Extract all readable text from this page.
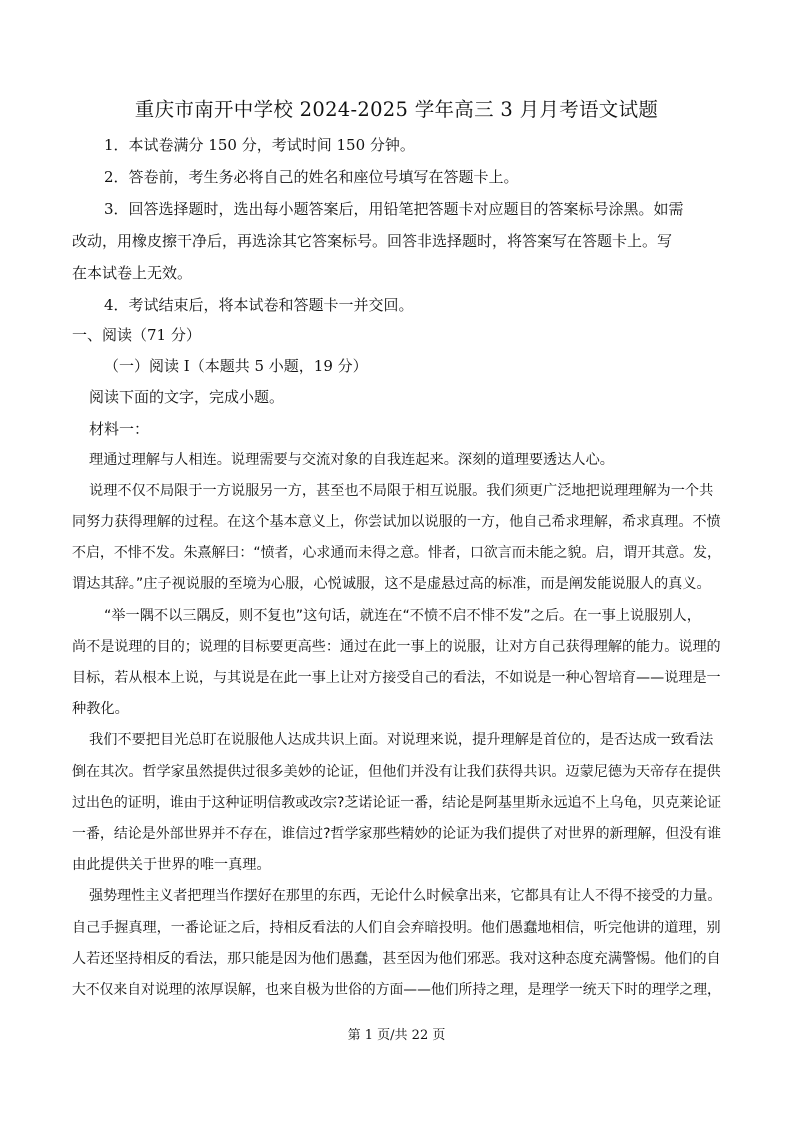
重庆市南开中学校 2024-2025 学年高三 3 月月考语文试题
1．本试卷满分 150 分，考试时间 150 分钟。
2．答卷前，考生务必将自己的姓名和座位号填写在答题卡上。
3．回答选择题时，选出每小题答案后，用铅笔把答题卡对应题目的答案标号涂黑。如需
改动，用橡皮擦干净后，再选涂其它答案标号。回答非选择题时，将答案写在答题卡上。写
在本试卷上无效。
4．考试结束后，将本试卷和答题卡一并交回。
一、阅读（71 分）
（一）阅读 I（本题共 5 小题，19 分）
阅读下面的文字，完成小题。
材料一：
理通过理解与人相连。说理需要与交流对象的自我连起来。深刻的道理要透达人心。
说理不仅不局限于一方说服另一方，甚至也不局限于相互说服。我们须更广泛地把说理理解为一个共
同努力获得理解的过程。在这个基本意义上，你尝试加以说服的一方，他自己希求理解，希求真理。不愤
不启，不悱不发。朱熹解曰：“愤者，心求通而未得之意。悱者，口欲言而未能之貌。启，谓开其意。发，
谓达其辞。”庄子视说服的至境为心服，心悦诚服，这不是虚悬过高的标准，而是阐发能说服人的真义。
“举一隅不以三隅反，则不复也”这句话，就连在“不愤不启不悱不发”之后。在一事上说服别人，
尚不是说理的目的；说理的目标要更高些：通过在此一事上的说服，让对方自己获得理解的能力。说理的
目标，若从根本上说，与其说是在此一事上让对方接受自己的看法，不如说是一种心智培育——说理是一
种教化。
我们不要把目光总盯在说服他人达成共识上面。对说理来说，提升理解是首位的，是否达成一致看法
倒在其次。哲学家虽然提供过很多美妙的论证，但他们并没有让我们获得共识。迈蒙尼德为天帝存在提供
过出色的证明，谁由于这种证明信教或改宗?芝诺论证一番，结论是阿基里斯永远追不上乌龟，贝克莱论证
一番，结论是外部世界并不存在，谁信过?哲学家那些精妙的论证为我们提供了对世界的新理解，但没有谁
由此提供关于世界的唯一真理。
强势理性主义者把理当作摆好在那里的东西，无论什么时候拿出来，它都具有让人不得不接受的力量。
自己手握真理，一番论证之后，持相反看法的人们自会弃暗投明。他们愚蠢地相信，听完他讲的道理，别
人若还坚持相反的看法，那只能是因为他们愚蠢，甚至因为他们邪恶。我对这种态度充满警惕。他们的自
大不仅来自对说理的浓厚误解，也来自极为世俗的方面——他们所持之理，是理学一统天下时的理学之理，
第 1 页/共 22 页
